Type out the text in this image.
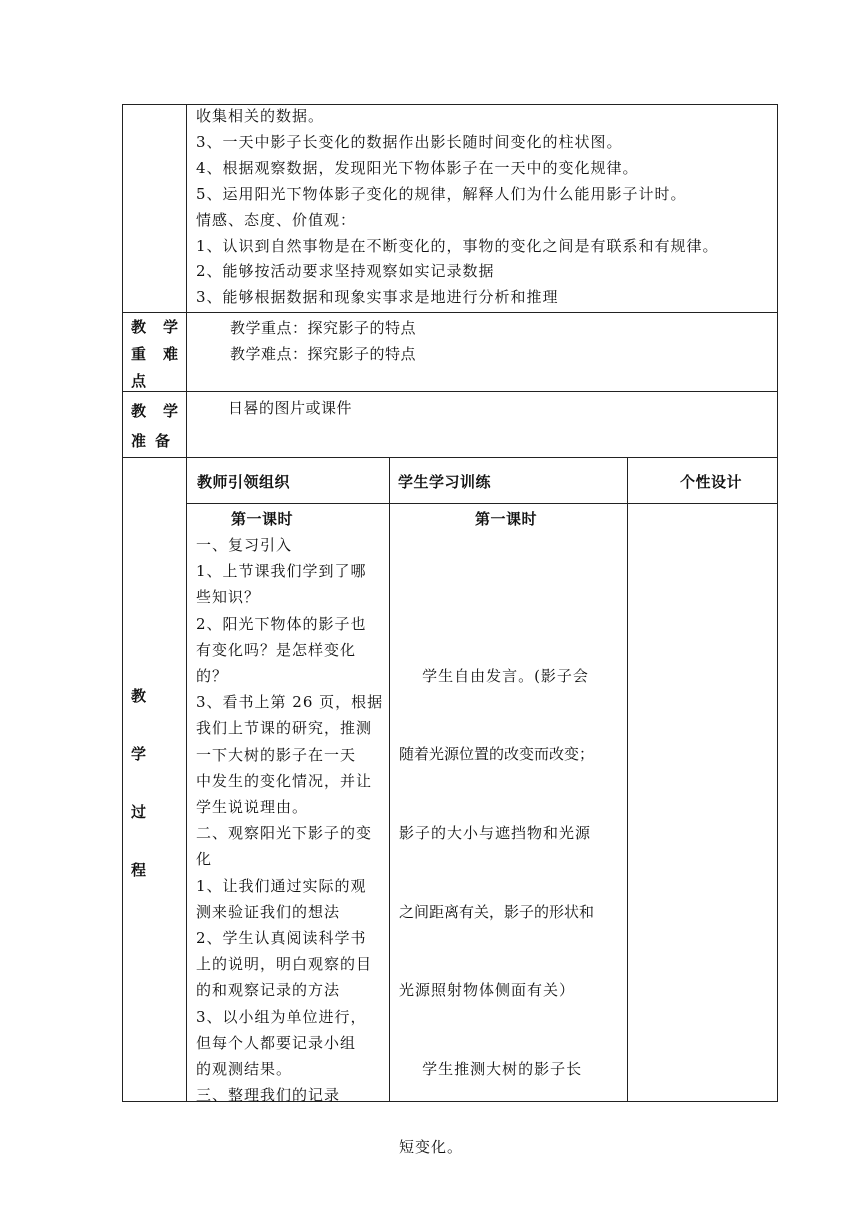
收集相关的数据。
3、一天中影子长变化的数据作出影长随时间变化的柱状图。
4、根据观察数据，发现阳光下物体影子在一天中的变化规律。
5、运用阳光下物体影子变化的规律，解释人们为什么能用影子计时。
情感、态度、价值观：
1、认识到自然事物是在不断变化的，事物的变化之间是有联系和有规律。
2、能够按活动要求坚持观察如实记录数据
3、能够根据数据和现象实事求是地进行分析和推理
教 学
重 难
点
教学重点：探究影子的特点
教学难点：探究影子的特点
教 学
准 备
日晷的图片或课件
教
学
过
程
教师引领组织	学生学习训练	个性设计
第一课时
一、复习引入
1、上节课我们学到了哪
些知识？
2、阳光下物体的影子也
有变化吗？是怎样变化
的？
3、看书上第 26 页，根据
我们上节课的研究，推测
一下大树的影子在一天
中发生的变化情况，并让
学生说说理由。
二、观察阳光下影子的变
化
1、让我们通过实际的观
测来验证我们的想法
2、学生认真阅读科学书
上的说明，明白观察的目
的和观察记录的方法
3、以小组为单位进行，
但每个人都要记录小组
的观测结果。
三、整理我们的记录
第一课时

学生自由发言。(影子会

随着光源位置的改变而改变；

影子的大小与遮挡物和光源

之间距离有关，影子的形状和

光源照射物体侧面有关）

学生推测大树的影子长

短变化。
